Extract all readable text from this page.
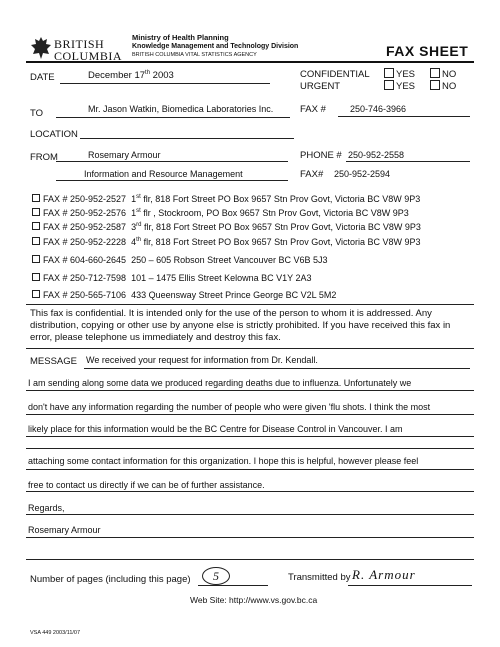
BRITISH
COLUMBIA
Ministry of Health Planning
Knowledge Management and Technology Division
BRITISH COLUMBIA VITAL STATISTICS AGENCY	FAX SHEET
DATE	December 17th 2003	CONFIDENTIAL	YES	NO
URGENT	YES	NO
TO	Mr. Jason Watkin, Biomedica Laboratories Inc.	FAX #	250-746-3966
LOCATION
FROM	Rosemary Armour	PHONE # 250-952-2558
Information and Resource Management	FAX# 250-952-2594
FAX # 250-952-2527 1st flr, 818 Fort Street PO Box 9657 Stn Prov Govt, Victoria BC V8W 9P3
FAX # 250-952-2576 1st flr , Stockroom, PO Box 9657 Stn Prov Govt, Victoria BC V8W 9P3
FAX # 250-952-2587 3rd flr, 818 Fort Street PO Box 9657 Stn Prov Govt, Victoria BC V8W 9P3
FAX # 250-952-2228 4th flr, 818 Fort Street PO Box 9657 Stn Prov Govt, Victoria BC V8W 9P3
FAX # 604-660-2645 250 – 605 Robson Street Vancouver BC V6B 5J3
FAX # 250-712-7598 101 – 1475 Ellis Street Kelowna BC V1Y 2A3
FAX # 250-565-7106 433 Queensway Street Prince George BC V2L 5M2
This fax is confidential. It is intended only for the use of the person to whom it is addressed. Any distribution, copying or other use by anyone else is strictly prohibited. If you have received this fax in error, please telephone us immediately and destroy this fax.
MESSAGE We received your request for information from Dr. Kendall.
I am sending along some data we produced regarding deaths due to influenza. Unfortunately we
don't have any information regarding the number of people who were given 'flu shots. I think the most
likely place for this information would be the BC Centre for Disease Control in Vancouver. I am
attaching some contact information for this organization. I hope this is helpful, however please feel
free to contact us directly if we can be of further assistance.
Regards,
Rosemary Armour
Number of pages (including this page)	5	Transmitted by R. Armour
Web Site: http://www.vs.gov.bc.ca
VSA 449 2003/11/07
